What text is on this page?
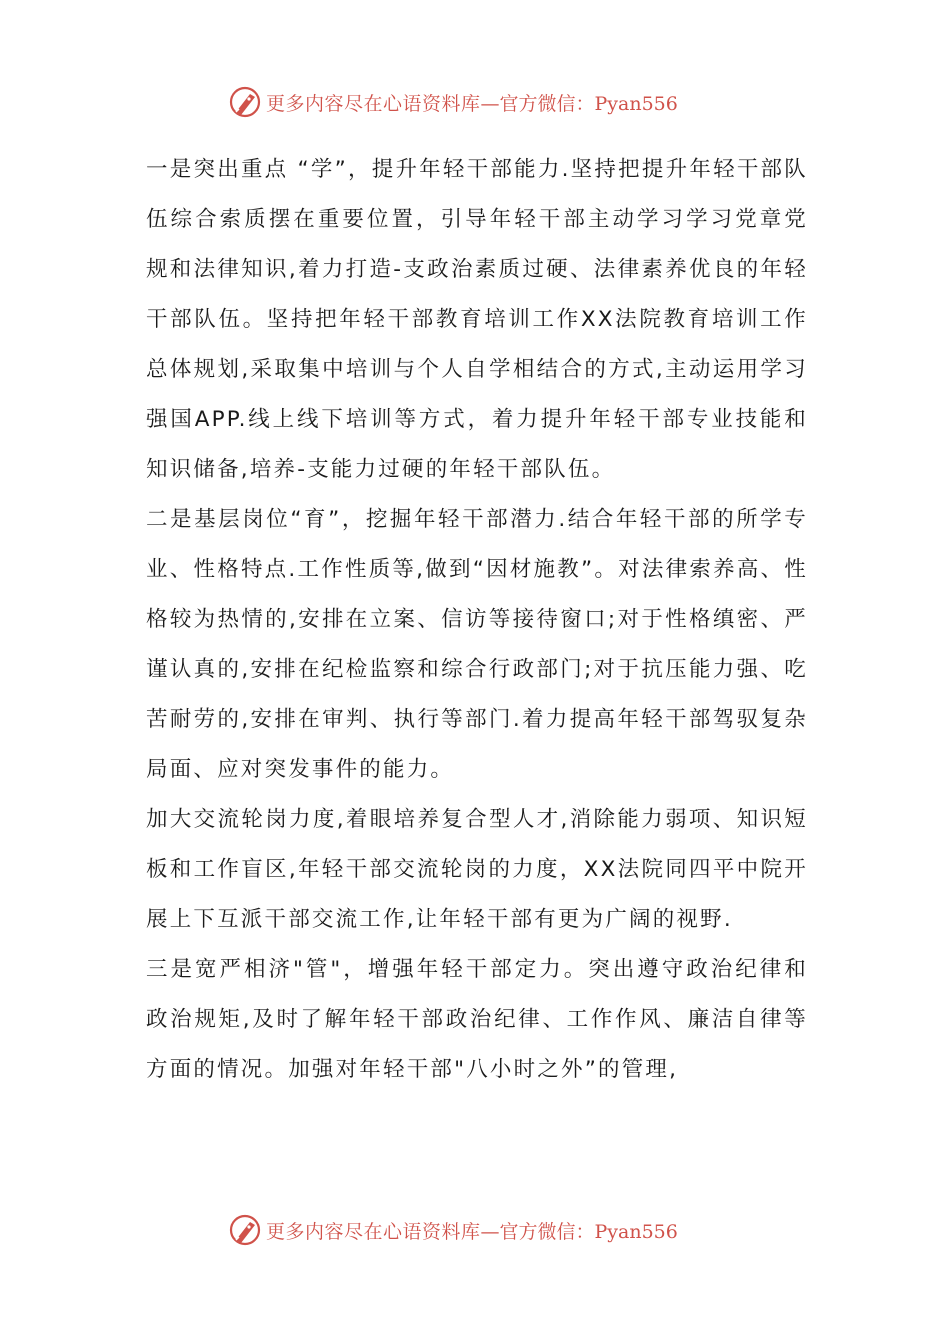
更多内容尽在心语资料库 —官方微信：Pyan556

一是突出重点 “学”，提升年轻干部能力.坚持把提升年轻干部队伍综合索质摆在重要位置，引导年轻干部主动学习学习党章党规和法律知识,着力打造-支政治素质过硬、法律素养优良的年轻干部队伍。坚持把年轻干部教育培训工作XX法院教育培训工作总体规划,采取集中培训与个人自学相结合的方式,主动运用学习强国APP.线上线下培训等方式，着力提升年轻干部专业技能和知识储备,培养-支能力过硬的年轻干部队伍。

二是基层岗位“育”，挖掘年轻干部潜力.结合年轻干部的所学专业、性格特点.工作性质等,做到“因材施教”。对法律索养高、性格较为热情的,安排在立案、信访等接待窗口;对于性格缜密、严谨认真的,安排在纪检监察和综合行政部门;对于抗压能力强、吃苦耐劳的,安排在审判、执行等部门.着力提高年轻干部驾驭复杂局面、应对突发事件的能力。

加大交流轮岗力度,着眼培养复合型人才,消除能力弱项、知识短板和工作盲区,年轻干部交流轮岗的力度，XX法院同四平中院开展上下互派干部交流工作,让年轻干部有更为广阔的视野.

三是宽严相济"管"，增强年轻干部定力。突出遵守政治纪律和政治规矩,及时了解年轻干部政治纪律、工作作风、廉洁自律等方面的情况。加强对年轻干部"八小时之外”的管理,

更多内容尽在心语资料库 —官方微信：Pyan556
